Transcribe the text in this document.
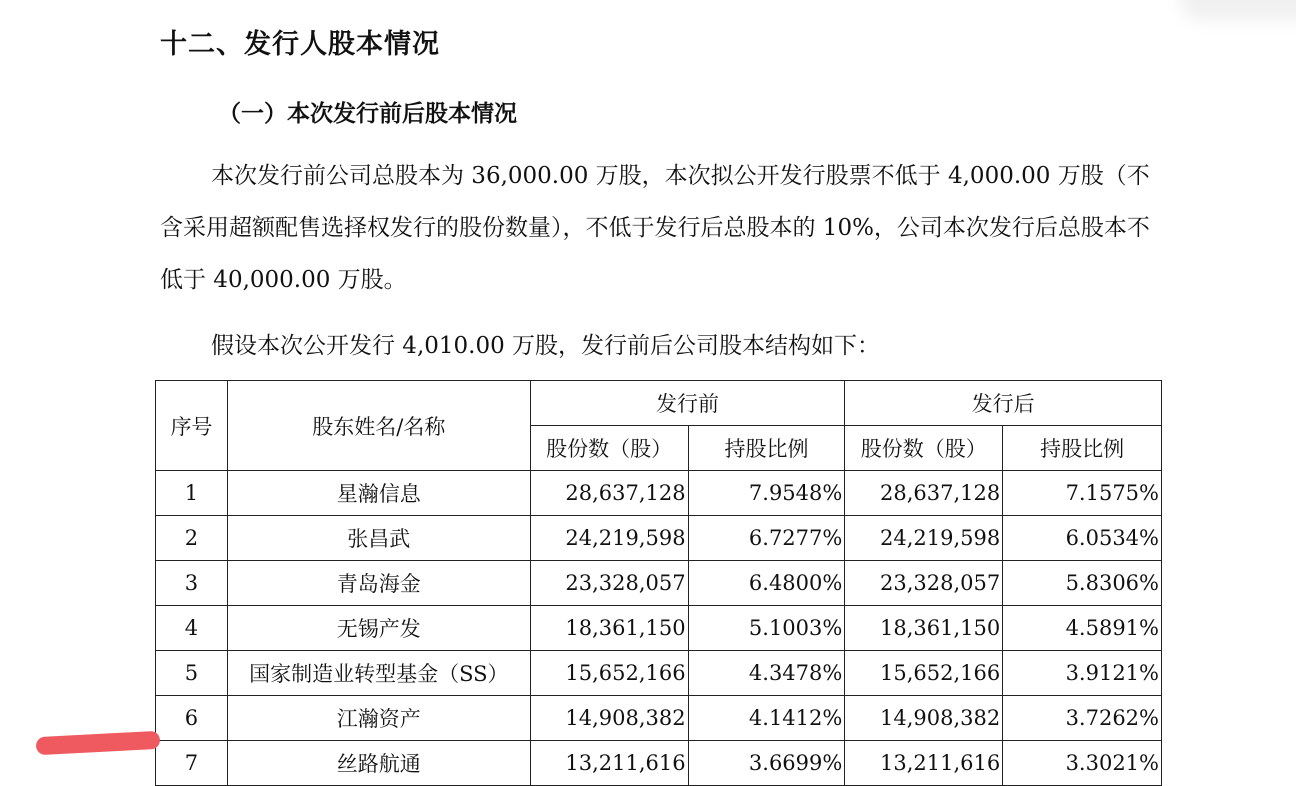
十二、发行人股本情况
（一）本次发行前后股本情况

本次发行前公司总股本为 36,000.00 万股，本次拟公开发行股票不低于 4,000.00 万股（不含采用超额配售选择权发行的股份数量），不低于发行后总股本的 10%，公司本次发行后总股本不低于 40,000.00 万股。

假设本次公开发行 4,010.00 万股，发行前后公司股本结构如下：

序号	股东姓名/名称	发行前		发行后	
		股份数（股）	持股比例	股份数（股）	持股比例
1	星瀚信息	28,637,128	7.9548%	28,637,128	7.1575%
2	张昌武	24,219,598	6.7277%	24,219,598	6.0534%
3	青岛海金	23,328,057	6.4800%	23,328,057	5.8306%
4	无锡产发	18,361,150	5.1003%	18,361,150	4.5891%
5	国家制造业转型基金（SS）	15,652,166	4.3478%	15,652,166	3.9121%
6	江瀚资产	14,908,382	4.1412%	14,908,382	3.7262%
7	丝路航通	13,211,616	3.6699%	13,211,616	3.3021%
